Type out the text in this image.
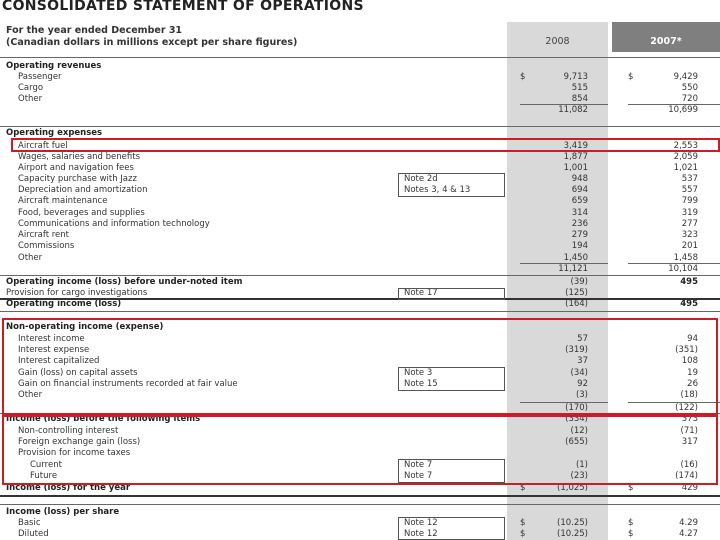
CONSOLIDATED STATEMENT OF OPERATIONS
For the year ended December 31
(Canadian dollars in millions except per share figures)	2008	2007*
Operating revenues
Passenger	$	9,713	$	9,429
Cargo	515	550
Other	854	720
11,082	10,699
Operating expenses
Aircraft fuel	3,419	2,553
Wages, salaries and benefits	1,877	2,059
Airport and navigation fees	1,001	1,021
Capacity purchase with Jazz	Note 2d	948	537
Depreciation and amortization	Notes 3, 4 & 13	694	557
Aircraft maintenance	659	799
Food, beverages and supplies	314	319
Communications and information technology	236	277
Aircraft rent	279	323
Commissions	194	201
Other	1,450	1,458
11,121	10,104
Operating income (loss) before under-noted item	(39)	495
Provision for cargo investigations	Note 17	(125)
Operating income (loss)	(164)	495
Non-operating income (expense)
Interest income	57	94
Interest expense	(319)	(351)
Interest capitalized	37	108
Gain (loss) on capital assets	Note 3	(34)	19
Gain on financial instruments recorded at fair value	Note 15	92	26
Other	(3)	(18)
(170)	(122)
Income (loss) before the following items	(334)	373
Non-controlling interest	(12)	(71)
Foreign exchange gain (loss)	(655)	317
Provision for income taxes
Current	Note 7	(1)	(16)
Future	Note 7	(23)	(174)
Income (loss) for the year	$	(1,025)	$	429
Income (loss) per share
Basic	Note 12	$	(10.25)	$	4.29
Diluted	Note 12	$	(10.25)	$	4.27
